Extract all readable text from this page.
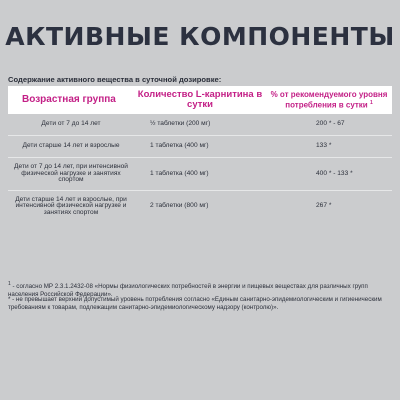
АКТИВНЫЕ КОМПОНЕНТЫ
Содержание активного вещества в суточной дозировке:
Возрастная группа	Количество L-карнитина в сутки	% от рекомендуемого уровня потребления в сутки $^1$
Дети от 7 до 14 лет	½ таблетки (200 мг)	200 * - 67
Дети старше 14 лет и взрослые	1 таблетка (400 мг)	133 *
Дети от 7 до 14 лет, при интенсивной физической нагрузке и занятиях спортом	1 таблетка (400 мг)	400 * - 133 *
Дети старше 14 лет и взрослые, при интенсивной физической нагрузке и занятиях спортом	2 таблетки (800 мг)	267 *
$^1$ - согласно МР 2.3.1.2432-08 «Нормы физиологических потребностей в энергии и пищевых веществах для различных групп населения Российской Федерации».
* - не превышает верхний допустимый уровень потребления согласно «Единым санитарно-эпидемиологическим и гигиеническим требованиям к товарам, подлежащим санитарно-эпидемиологическому надзору (контролю)».
